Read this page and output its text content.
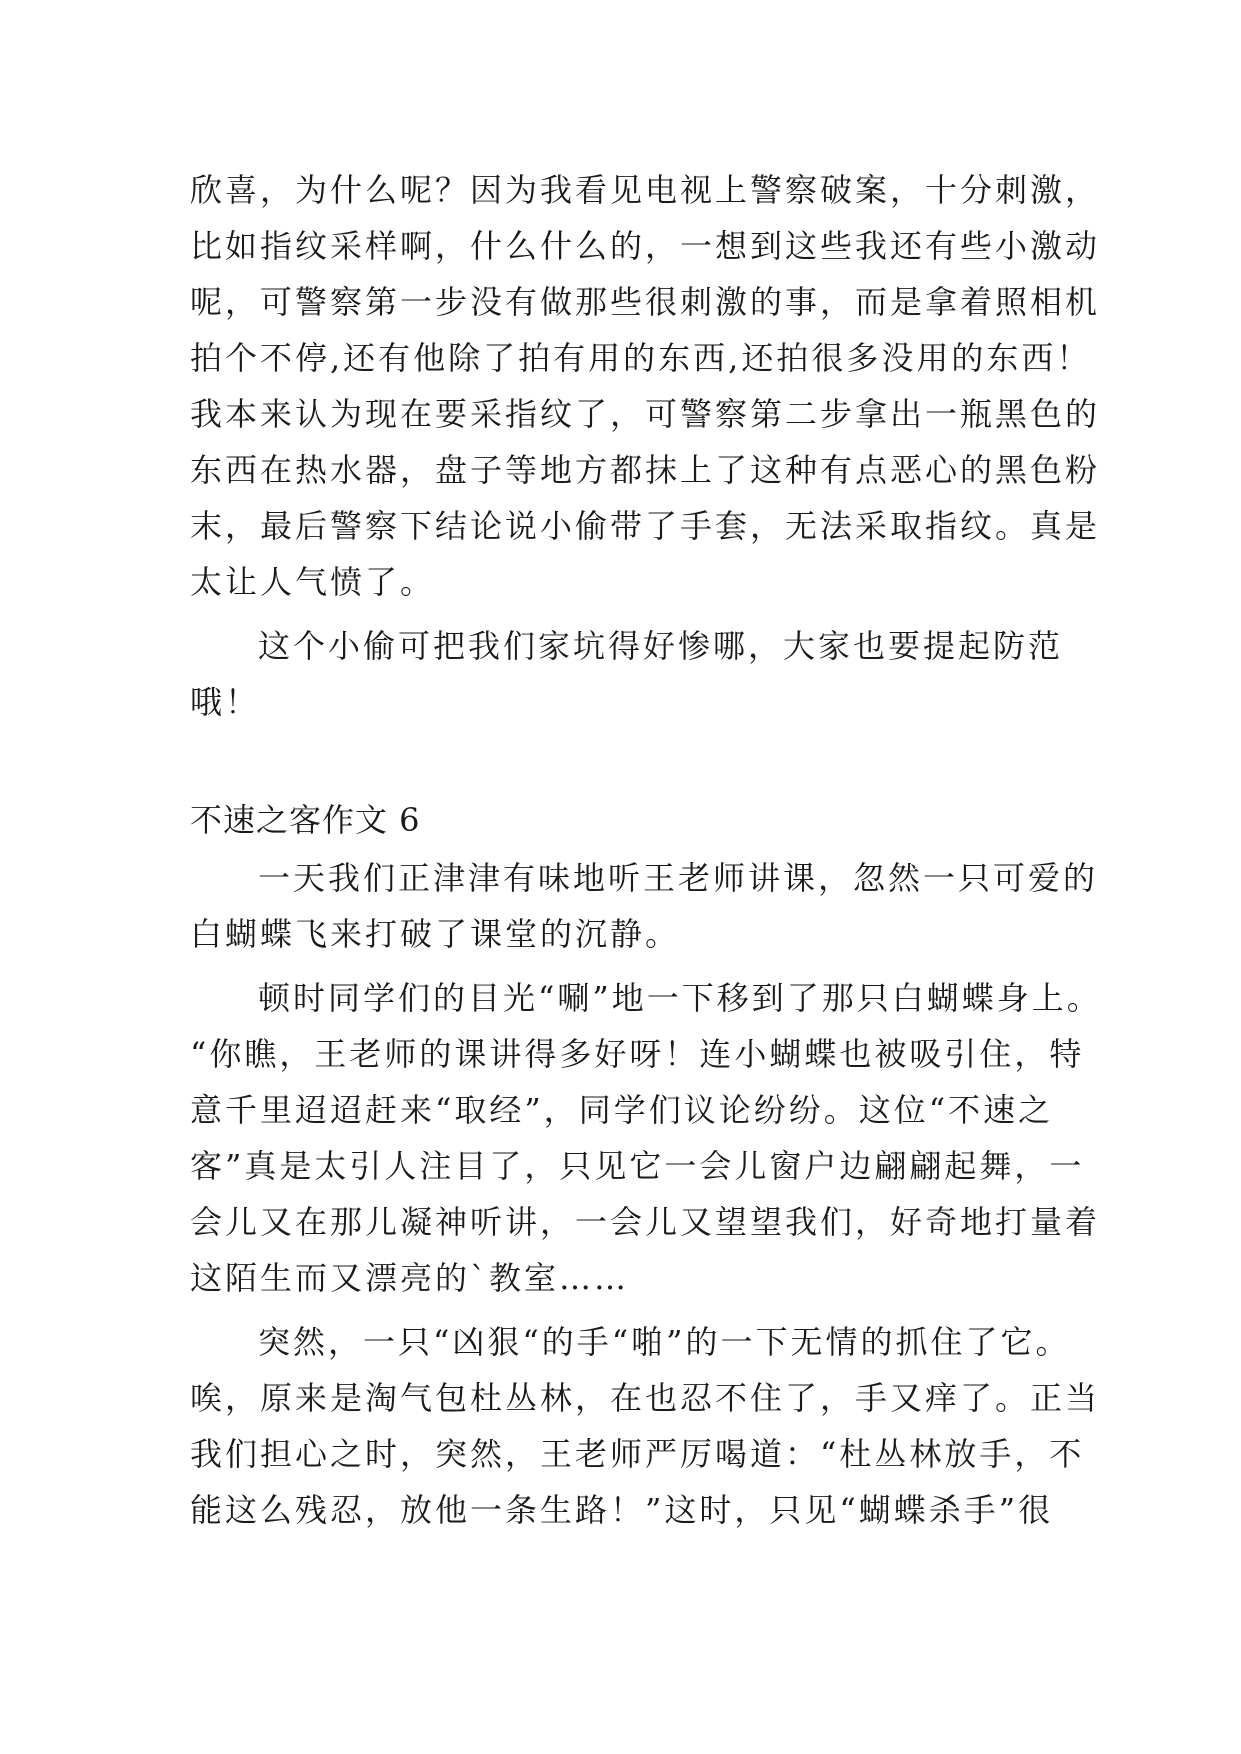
欣喜，为什么呢？因为我看见电视上警察破案，十分刺激，
比如指纹采样啊，什么什么的，一想到这些我还有些小激动
呢，可警察第一步没有做那些很刺激的事，而是拿着照相机
拍个不停,还有他除了拍有用的东西,还拍很多没用的东西！
我本来认为现在要采指纹了，可警察第二步拿出一瓶黑色的
东西在热水器，盘子等地方都抹上了这种有点恶心的黑色粉
末，最后警察下结论说小偷带了手套，无法采取指纹。真是
太让人气愤了。
这个小偷可把我们家坑得好惨哪，大家也要提起防范
哦！
不速之客作文 6
一天我们正津津有味地听王老师讲课，忽然一只可爱的
白蝴蝶飞来打破了课堂的沉静。
顿时同学们的目光“唰”地一下移到了那只白蝴蝶身上。
“你瞧，王老师的课讲得多好呀！连小蝴蝶也被吸引住，特
意千里迢迢赶来“取经”，同学们议论纷纷。这位“不速之
客”真是太引人注目了，只见它一会儿窗户边翩翩起舞，一
会儿又在那儿凝神听讲，一会儿又望望我们，好奇地打量着
这陌生而又漂亮的`教室……
突然，一只“凶狠“的手“啪”的一下无情的抓住了它。
唉，原来是淘气包杜丛林，在也忍不住了，手又痒了。正当
我们担心之时，突然，王老师严厉喝道：“杜丛林放手，不
能这么残忍，放他一条生路！”这时，只见“蝴蝶杀手”很
